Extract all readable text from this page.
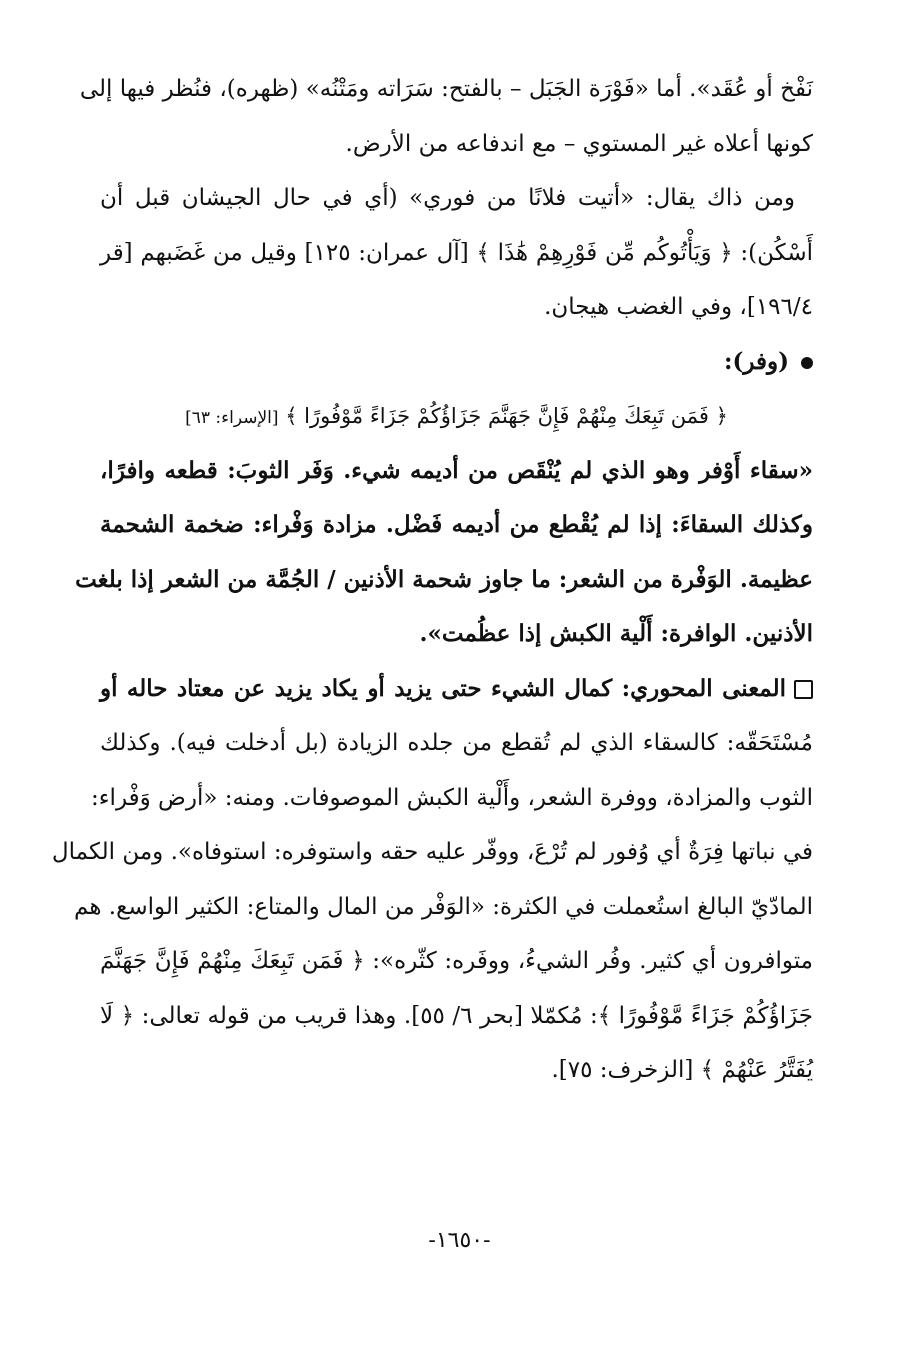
نَفْخ أو عُقَد». أما «فَوْرَة الجَبَل – بالفتح: سَرَاته ومَتْنُه» (ظهره)، فنُظر فيها إلى
كونها أعلاه غير المستوي – مع اندفاعه من الأرض.
ومن ذاك يقال: «أتيت فلانًا من فوري» (أي في حال الجيشان قبل أن
أَسْكُن): ﴿ وَيَأْتُوكُم مِّن فَوْرِهِمْ هَٰذَا ﴾ [آل عمران: ١٢٥] وقيل من غَضَبهم [قر
١٩٦/٤]، وفي الغضب هيجان.
(وفر):
﴿ فَمَن تَبِعَكَ مِنْهُمْ فَإِنَّ جَهَنَّمَ جَزَاؤُكُمْ جَزَاءً مَّوْفُورًا ﴾ [الإسراء: ٦٣]
«سقاء أَوْفر وهو الذي لم يُنْقَص من أديمه شيء. وَفَر الثوبَ: قطعه وافرًا،
وكذلك السقاءَ: إذا لم يُقْطع من أديمه فَضْل. مزادة وَفْراء: ضخمة الشحمة
عظيمة. الوَفْرة من الشعر: ما جاوز شحمة الأذنين / الجُمَّة من الشعر إذا بلغت
الأذنين. الوافرة: أَلْية الكبش إذا عظُمت».
المعنى المحوري: كمال الشيء حتى يزيد أو يكاد يزيد عن معتاد حاله أو
مُسْتَحَقّه: كالسقاء الذي لم تُقطع من جلده الزيادة (بل أدخلت فيه). وكذلك
الثوب والمزادة، ووفرة الشعر، وأَلْية الكبش الموصوفات. ومنه: «أرض وَفْراء:
في نباتها فِرَةٌ أي وُفور لم تُرْعَ، ووفّر عليه حقه واستوفره: استوفاه». ومن الكمال
المادّيّ البالغ استُعملت في الكثرة: «الوَفْر من المال والمتاع: الكثير الواسع. هم
متوافرون أي كثير. وفُر الشيءُ، ووفَره: كثّره»: ﴿ فَمَن تَبِعَكَ مِنْهُمْ فَإِنَّ جَهَنَّمَ
جَزَاؤُكُمْ جَزَاءً مَّوْفُورًا ﴾: مُكمّلا [بحر ٦/ ٥٥]. وهذا قريب من قوله تعالى: ﴿ لَا
يُفَتَّرُ عَنْهُمْ ﴾ [الزخرف: ٧٥].
-١٦٥٠-
